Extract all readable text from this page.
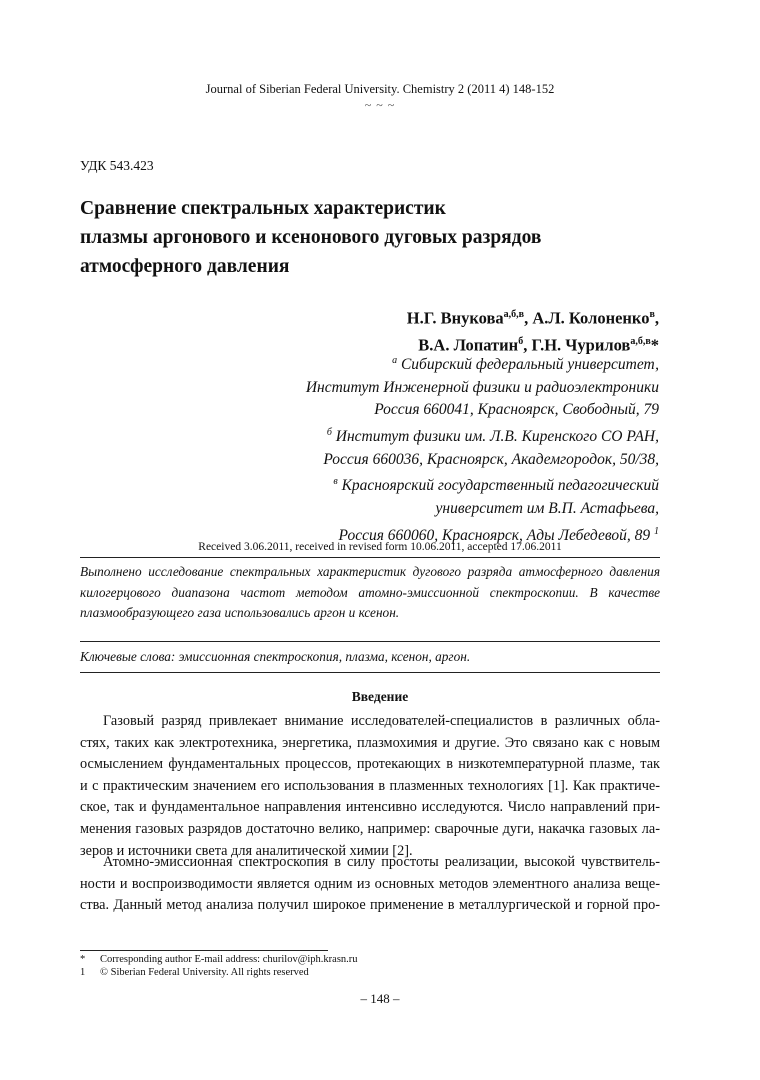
Journal of Siberian Federal University. Chemistry 2 (2011 4) 148-152
~ ~ ~
УДК 543.423
Сравнение спектральных характеристик
плазмы аргонового и ксенонового дуговых разрядов
атмосферного давления
Н.Г. Внукова$^{а,б,в}$, А.Л. Колоненко$^в$,
В.А. Лопатин$^б$, Г.Н. Чурилов$^{а,б,в}$*
$^а$ Сибирский федеральный университет,
Институт Инженерной физики и радиоэлектроники
Россия 660041, Красноярск, Свободный, 79
$^б$ Институт физики им. Л.В. Киренского СО РАН,
Россия 660036, Красноярск, Академгородок, 50/38,
$^в$ Красноярский государственный педагогический
университет им В.П. Астафьева,
Россия 660060, Красноярск, Ады Лебедевой, 89 $^1$
Received 3.06.2011, received in revised form 10.06.2011, accepted 17.06.2011
Выполнено исследование спектральных характеристик дугового разряда атмосферного давления килогерцового диапазона частот методом атомно-эмиссионной спектроскопии. В качестве плазмообразующего газа использовались аргон и ксенон.
Ключевые слова: эмиссионная спектроскопия, плазма, ксенон, аргон.
Введение
Газовый разряд привлекает внимание исследователей-специалистов в различных обла-
стях, таких как электротехника, энергетика, плазмохимия и другие. Это связано как с новым
осмыслением фундаментальных процессов, протекающих в низкотемпературной плазме, так
и с практическим значением его использования в плазменных технологиях [1]. Как практиче-
ское, так и фундаментальное направления интенсивно исследуются. Число направлений при-
менения газовых разрядов достаточно велико, например: сварочные дуги, накачка газовых ла-
зеров и источники света для аналитической химии [2].
Атомно-эмиссионная спектроскопия в силу простоты реализации, высокой чувствитель-
ности и воспроизводимости является одним из основных методов элементного анализа веще-
ства. Данный метод анализа получил широкое применение в металлургической и горной про-
* Corresponding author E-mail address: churilov@iph.krasn.ru
1 © Siberian Federal University. All rights reserved
– 148 –
